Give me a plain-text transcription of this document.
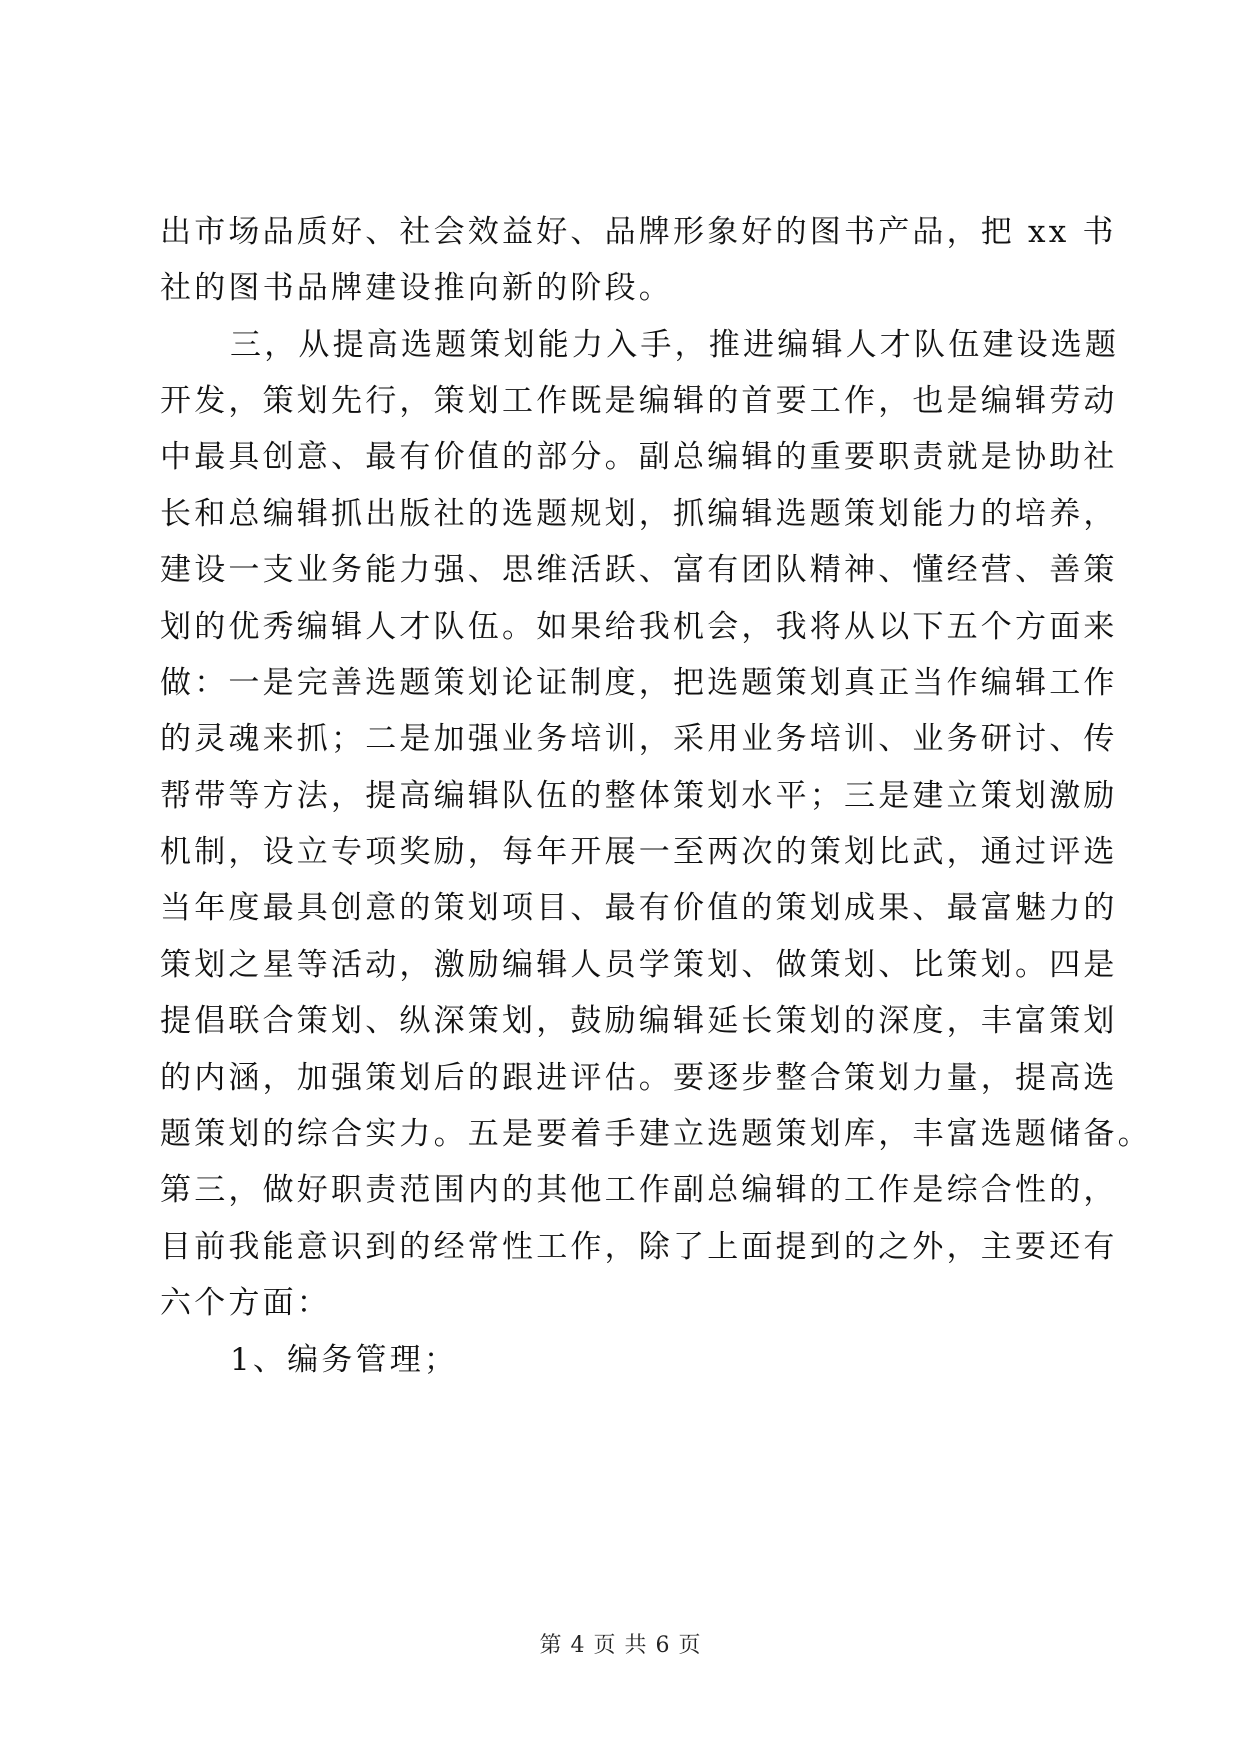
出市场品质好、社会效益好、品牌形象好的图书产品，把 xx 书
社的图书品牌建设推向新的阶段。
三，从提高选题策划能力入手，推进编辑人才队伍建设选题
开发，策划先行，策划工作既是编辑的首要工作，也是编辑劳动
中最具创意、最有价值的部分。副总编辑的重要职责就是协助社
长和总编辑抓出版社的选题规划，抓编辑选题策划能力的培养，
建设一支业务能力强、思维活跃、富有团队精神、懂经营、善策
划的优秀编辑人才队伍。如果给我机会，我将从以下五个方面来
做：一是完善选题策划论证制度，把选题策划真正当作编辑工作
的灵魂来抓；二是加强业务培训，采用业务培训、业务研讨、传
帮带等方法，提高编辑队伍的整体策划水平；三是建立策划激励
机制，设立专项奖励，每年开展一至两次的策划比武，通过评选
当年度最具创意的策划项目、最有价值的策划成果、最富魅力的
策划之星等活动，激励编辑人员学策划、做策划、比策划。四是
提倡联合策划、纵深策划，鼓励编辑延长策划的深度，丰富策划
的内涵，加强策划后的跟进评估。要逐步整合策划力量，提高选
题策划的综合实力。五是要着手建立选题策划库，丰富选题储备。
第三，做好职责范围内的其他工作副总编辑的工作是综合性的，
目前我能意识到的经常性工作，除了上面提到的之外，主要还有
六个方面：
1、编务管理；
第 4 页 共 6 页
